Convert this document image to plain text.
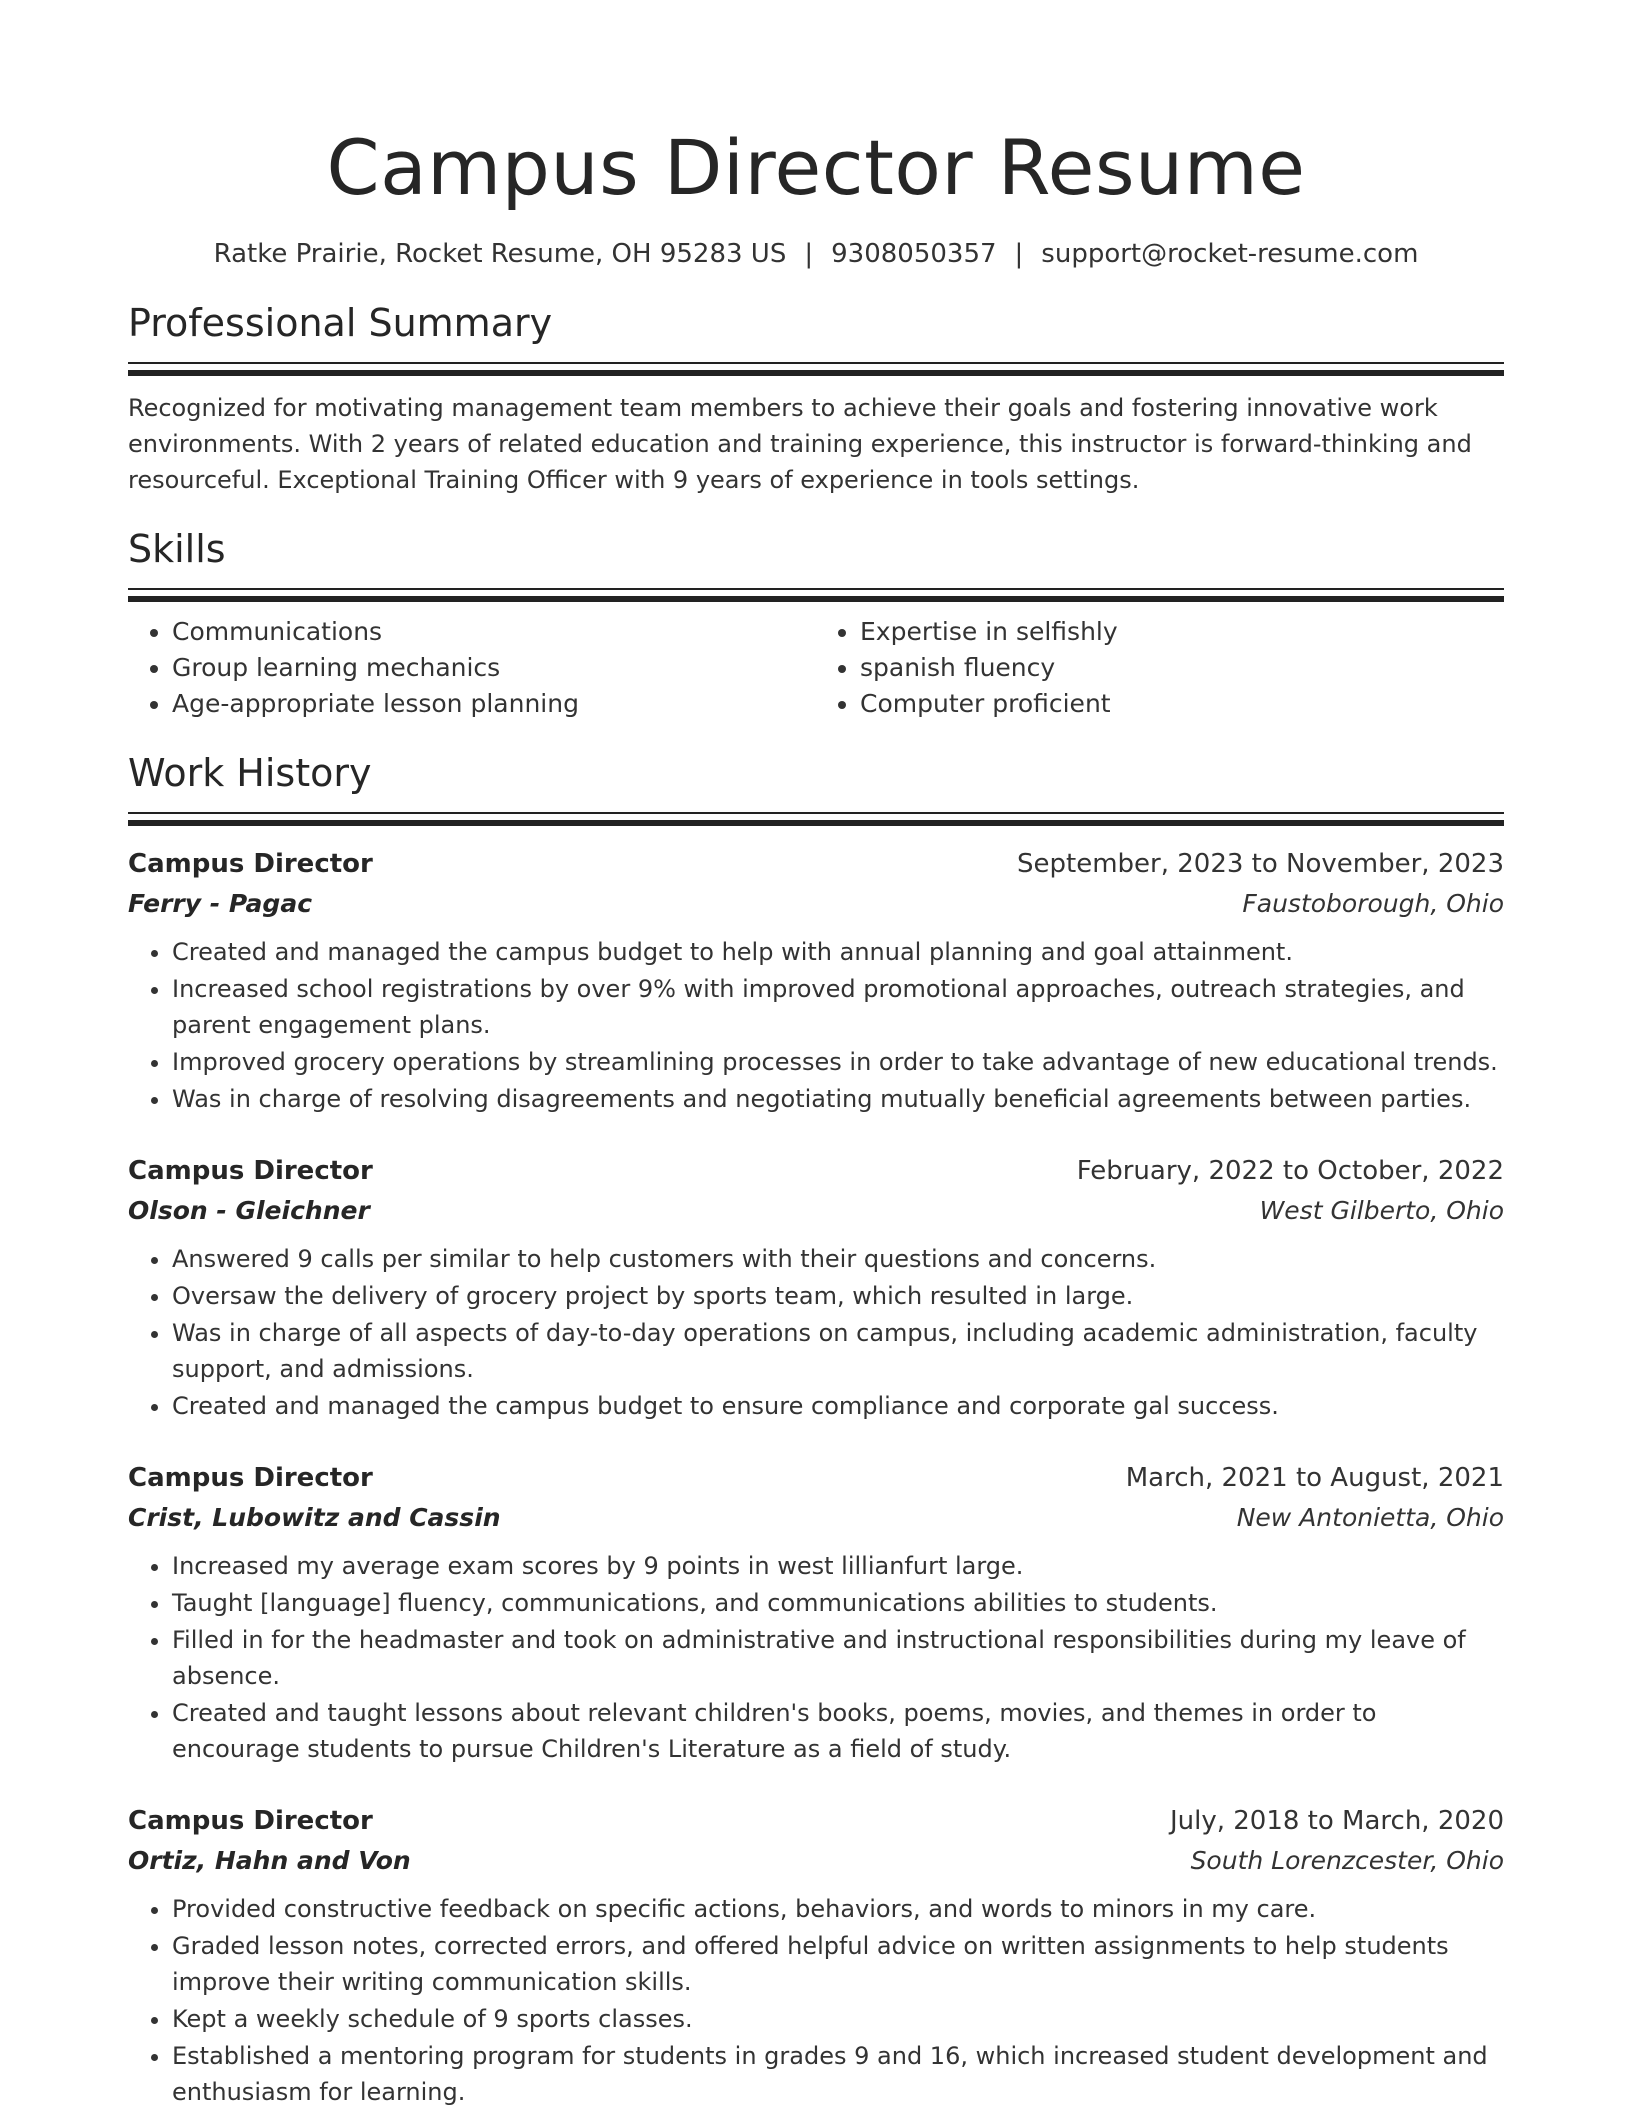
Campus Director Resume
Ratke Prairie, Rocket Resume, OH 95283 US | 9308050357 | support@rocket-resume.com
Professional Summary

Recognized for motivating management team members to achieve their goals and fostering innovative work environments. With 2 years of related education and training experience, this instructor is forward-thinking and resourceful. Exceptional Training Officer with 9 years of experience in tools settings.

Skills
• Communications
• Group learning mechanics
• Age-appropriate lesson planning
• Expertise in selfishly
• spanish fluency
• Computer proficient
Work History
Campus Director	September, 2023 to November, 2023
Ferry - Pagac	Faustoborough, Ohio
• Created and managed the campus budget to help with annual planning and goal attainment.
• Increased school registrations by over 9% with improved promotional approaches, outreach strategies, and parent engagement plans.
• Improved grocery operations by streamlining processes in order to take advantage of new educational trends.
• Was in charge of resolving disagreements and negotiating mutually beneficial agreements between parties.
Campus Director	February, 2022 to October, 2022
Olson - Gleichner	West Gilberto, Ohio
• Answered 9 calls per similar to help customers with their questions and concerns.
• Oversaw the delivery of grocery project by sports team, which resulted in large.
• Was in charge of all aspects of day-to-day operations on campus, including academic administration, faculty support, and admissions.
• Created and managed the campus budget to ensure compliance and corporate gal success.
Campus Director	March, 2021 to August, 2021
Crist, Lubowitz and Cassin	New Antonietta, Ohio
• Increased my average exam scores by 9 points in west lillianfurt large.
• Taught [language] fluency, communications, and communications abilities to students.
• Filled in for the headmaster and took on administrative and instructional responsibilities during my leave of absence.
• Created and taught lessons about relevant children's books, poems, movies, and themes in order to encourage students to pursue Children's Literature as a field of study.
Campus Director	July, 2018 to March, 2020
Ortiz, Hahn and Von	South Lorenzcester, Ohio
• Provided constructive feedback on specific actions, behaviors, and words to minors in my care.
• Graded lesson notes, corrected errors, and offered helpful advice on written assignments to help students improve their writing communication skills.
• Kept a weekly schedule of 9 sports classes.
• Established a mentoring program for students in grades 9 and 16, which increased student development and enthusiasm for learning.
